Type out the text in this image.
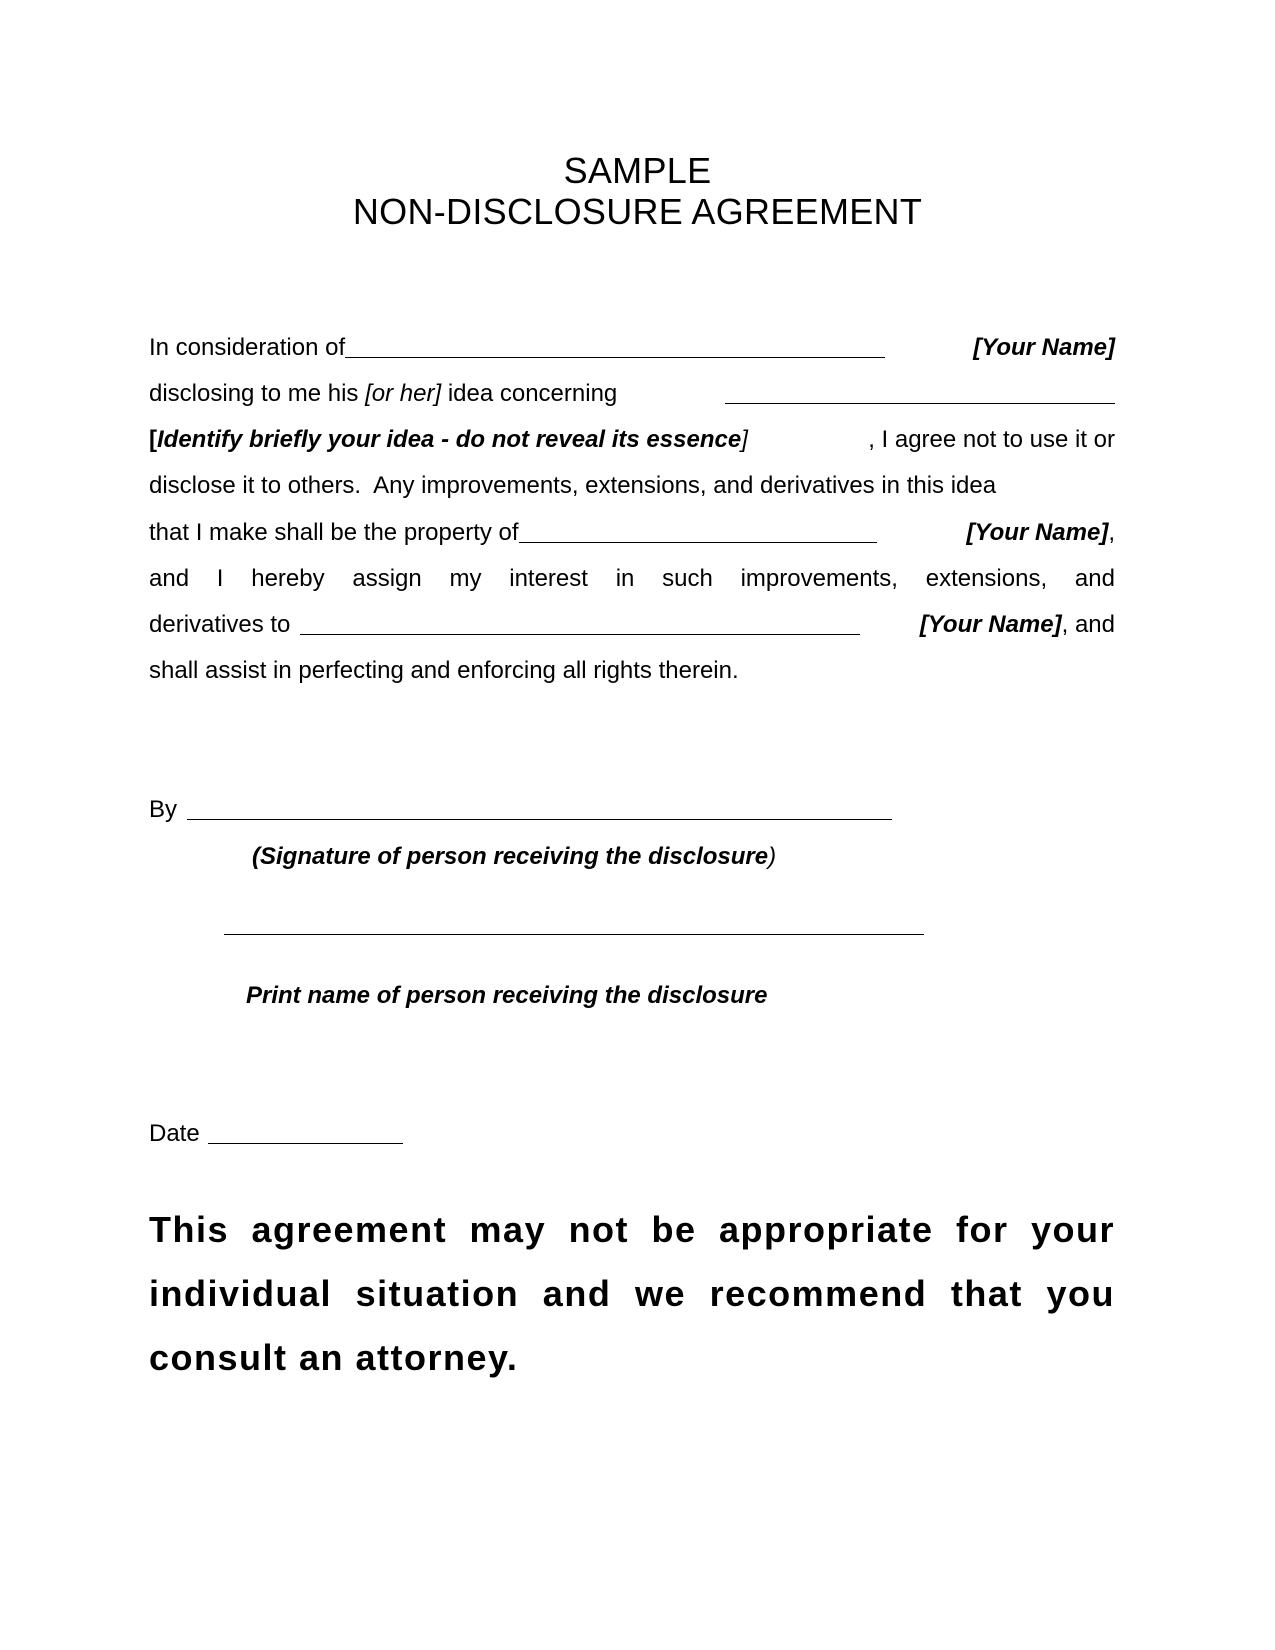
SAMPLE
NON-DISCLOSURE AGREEMENT
In consideration of	[Your Name]
disclosing to me his [or her] idea concerning
[ Identify briefly your idea - do not reveal its essence ]	, I agree not to use it or
disclose it to others.  Any improvements, extensions, and derivatives in this idea
that I make shall be the property of	[Your Name] ,
and I hereby assign my interest in such improvements, extensions, and
derivatives to	[Your Name] , and
shall assist in perfecting and enforcing all rights therein.
By
(Signature of person receiving the disclosure)
Print name of person receiving the disclosure
Date

This agreement may not be appropriate for your individual situation and we recommend that you consult an attorney.
